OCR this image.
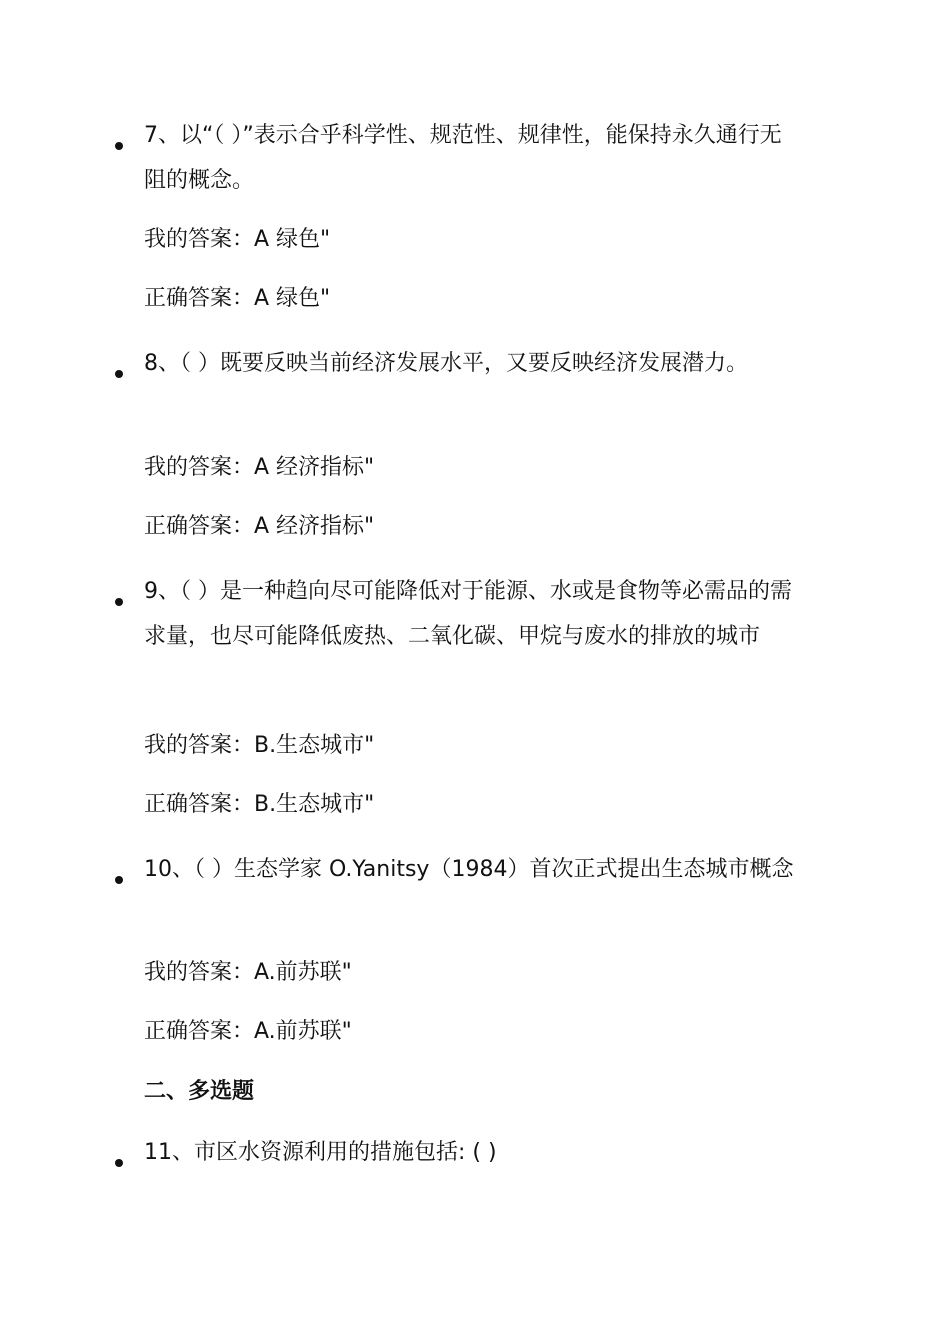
7、以“（ ）”表示合乎科学性、规范性、规律性，能保持永久通行无阻的概念。
我的答案：A 绿色"
正确答案：A 绿色"
8、（ ）既要反映当前经济发展水平，又要反映经济发展潜力。
我的答案：A 经济指标"
正确答案：A 经济指标"
9、（ ）是一种趋向尽可能降低对于能源、水或是食物等必需品的需求量，也尽可能降低废热、二氧化碳、甲烷与废水的排放的城市
我的答案：B.生态城市"
正确答案：B.生态城市"
10、（ ）生态学家 O.Yanitsy（1984）首次正式提出生态城市概念
我的答案：A.前苏联"
正确答案：A.前苏联"
二、多选题
11、市区水资源利用的措施包括: ( )
